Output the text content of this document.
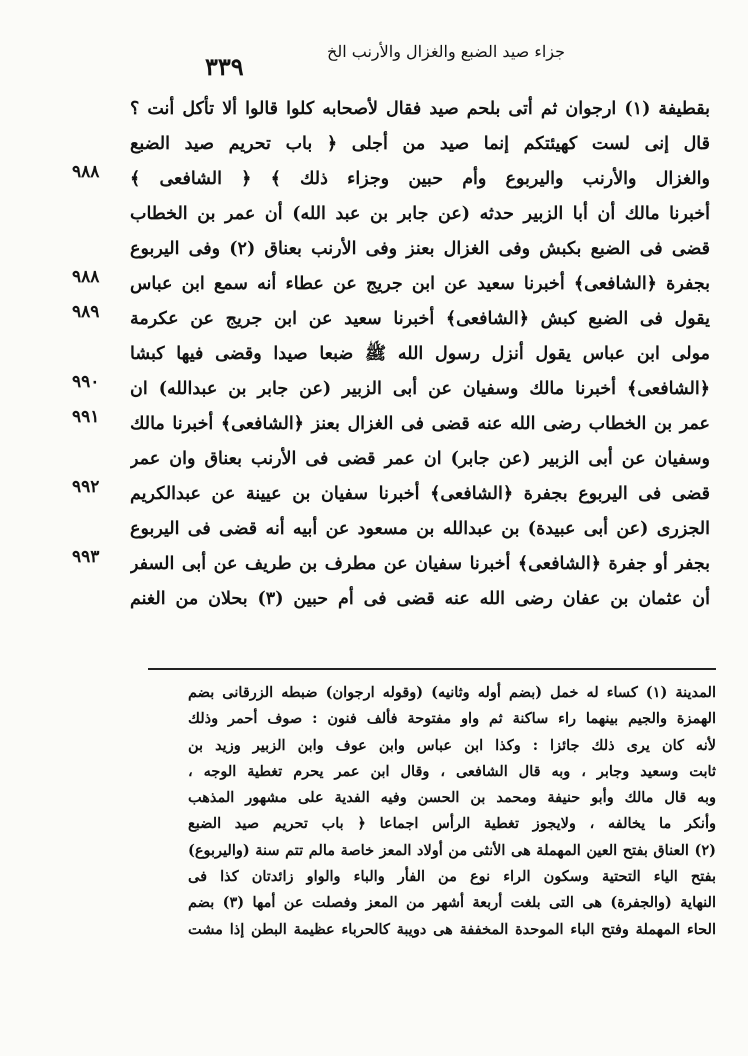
٣٣٩
جزاء صيد الضبع والغزال والأرنب الخ
بقطيفة (١) ارجوان ثم أتى بلحم صيد فقال لأصحابه كلوا قالوا ألا تأكل أنت ؟
قال إنى لست كهيئتكم إنما صيد من أجلى ﴿ باب تحريم صيد الضبع
والغزال والأرنب واليربوع وأم حبين وجزاء ذلك ﴾ ﴿ الشافعى ﴾
٩٨٨
أخبرنا مالك أن أبا الزبير حدثه (عن جابر بن عبد الله) أن عمر بن الخطاب
قضى فى الضبع بكبش وفى الغزال بعنز وفى الأرنب بعناق (٢) وفى اليربوع
بجفرة ﴿الشافعى﴾ أخبرنا سعيد عن ابن جريج عن عطاء أنه سمع ابن عباس
٩٨٨
يقول فى الضبع كبش ﴿الشافعى﴾ أخبرنا سعيد عن ابن جريج عن عكرمة
٩٨٩
مولى ابن عباس يقول أنزل رسول الله ﷺ ضبعا صيدا وقضى فيها كبشا
﴿الشافعى﴾ أخبرنا مالك وسفيان عن أبى الزبير (عن جابر بن عبدالله) ان
٩٩٠
عمر بن الخطاب رضى الله عنه قضى فى الغزال بعنز ﴿الشافعى﴾ أخبرنا مالك
٩٩١
وسفيان عن أبى الزبير (عن جابر) ان عمر قضى فى الأرنب بعناق وان عمر
قضى فى اليربوع بجفرة ﴿الشافعى﴾ أخبرنا سفيان بن عيينة عن عبدالكريم
٩٩٢
الجزرى (عن أبى عبيدة) بن عبدالله بن مسعود عن أبيه أنه قضى فى اليربوع
بجفر أو جفرة ﴿الشافعى﴾ أخبرنا سفيان عن مطرف بن طريف عن أبى السفر
٩٩٣
أن عثمان بن عفان رضى الله عنه قضى فى أم حبين (٣) بحلان من الغنم
المدينة (١) كساء له خمل (بضم أوله وثانيه) (وقوله ارجوان) ضبطه الزرقانى بضم
الهمزة والجيم بينهما راء ساكنة ثم واو مفتوحة فألف فنون : صوف أحمر وذلك
لأنه كان يرى ذلك جائزا : وكذا ابن عباس وابن عوف وابن الزبير وزيد بن
ثابت وسعيد وجابر ، وبه قال الشافعى ، وقال ابن عمر يحرم تغطية الوجه ،
وبه قال مالك وأبو حنيفة ومحمد بن الحسن وفيه الفدية على مشهور المذهب
وأنكر ما يخالفه ، ولايجوز تغطية الرأس اجماعا ﴿ باب تحريم صيد الضبع
(٢) العناق بفتح العين المهملة هى الأنثى من أولاد المعز خاصة مالم تتم سنة (واليربوع)
بفتح الياء التحتية وسكون الراء نوع من الفأر والباء والواو زائدتان كذا فى
النهاية (والجفرة) هى التى بلغت أربعة أشهر من المعز وفصلت عن أمها (٣) بضم
الحاء المهملة وفتح الباء الموحدة المخففة هى دويبة كالحرباء عظيمة البطن إذا مشت
